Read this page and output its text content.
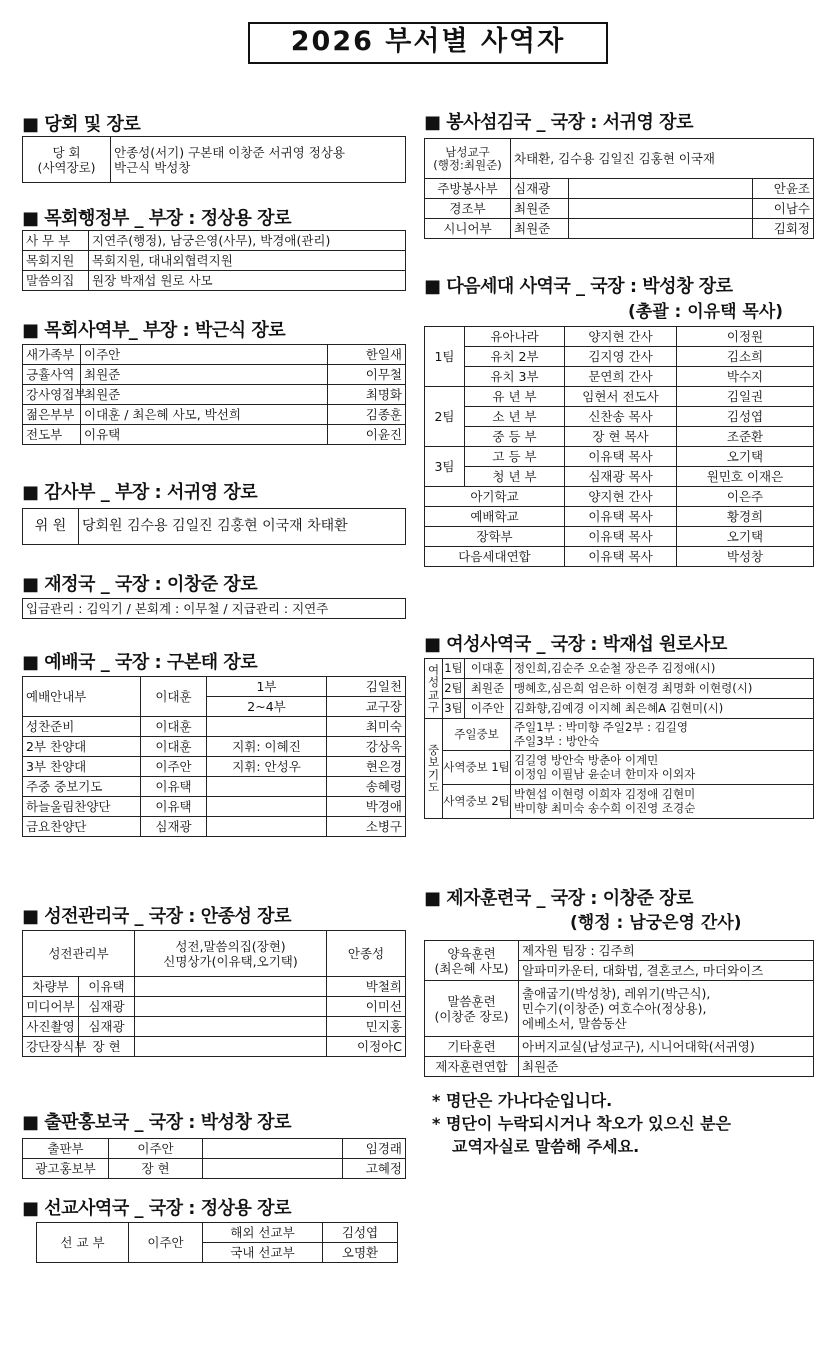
2026 부서별 사역자
■ 당회 및 장로
당 회
(사역장로)	안종성(서기) 구본태 이창준 서귀영 정상용
박근식 박성창
■ 목회행정부 _ 부장 : 정상용 장로
사 무 부	지연주(행정), 남궁은영(사무), 박경애(관리)
목회지원	목회지원, 대내외협력지원
말씀의집	원장 박재섭 원로 사모
■ 목회사역부_ 부장 : 박근식 장로
새가족부	이주안	한일새
긍휼사역	최원준	이무철
강사영접부	최원준	최명화
젊은부부	이대훈 / 최은혜 사모, 박선희	김종훈
전도부	이유택	이윤진
■ 감사부 _ 부장 : 서귀영 장로
위 원	당회원 김수용 김일진 김홍현 이국재 차태환
■ 재정국 _ 국장 : 이창준 장로
입금관리 : 김익기 / 본회계 : 이무철 / 지급관리 : 지연주
■ 예배국 _ 국장 : 구본태 장로
예배안내부	이대훈	1부	김일천
		2~4부	교구장
성찬준비	이대훈		최미숙
2부 찬양대	이대훈	지휘: 이혜진	강상욱
3부 찬양대	이주안	지휘: 안성우	현은경
주중 중보기도	이유택		송혜령
하늘울림찬양단	이유택		박경애
금요찬양단	심재광		소병구
■ 성전관리국 _ 국장 : 안종성 장로
성전관리부		성전,말씀의집(장현)
신명상가(이유택,오기택)	안종성
차량부	이유택		박철희
미디어부	심재광		이미선
사진촬영	심재광		민지홍
강단장식부	장 현		이정아C
■ 출판홍보국 _ 국장 : 박성창 장로
출판부	이주안		임경래
광고홍보부	장 현		고혜정
■ 선교사역국 _ 국장 : 정상용 장로
선 교 부	이주안	해외 선교부	김성엽
		국내 선교부	오명환
■ 봉사섬김국 _ 국장 : 서귀영 장로
남성교구
(행정:최원준)	차태환, 김수용 김일진 김홍현 이국재		
주방봉사부	심재광		안윤조
경조부	최원준		이남수
시니어부	최원준		김회정
■ 다음세대 사역국 _ 국장 : 박성창 장로
(총괄 : 이유택 목사)
1팀	유아나라	양지현 간사	이정원
	유치 2부	김지영 간사	김소희
	유치 3부	문연희 간사	박수지
2팀	유 년 부	임현서 전도사	김일권
	소 년 부	신찬송 목사	김성엽
	중 등 부	장 현 목사	조준환
3팀	고 등 부	이유택 목사	오기택
	청 년 부	심재광 목사	원민호 이재은
아기학교		양지현 간사	이은주
예배학교		이유택 목사	황경희
장학부		이유택 목사	오기택
다음세대연합		이유택 목사	박성창
■ 여성사역국 _ 국장 : 박재섭 원로사모
여
성
교
구	1팀	이대훈	정인희,김순주 오순철 장은주 김정애(시)
	2팀	최원준	맹혜호,심은희 엄은하 이현경 최명화 이현령(시)
	3팀	이주안	김화향,김예경 이지혜 최은혜A 김현미(시)
중
보
기
도	주일중보		주일1부 : 박미향 주일2부 : 김길영
주일3부 : 방안숙
	사역중보 1팀		김길영 방안숙 방춘아 이계민
이정임 이필남 윤순녀 한미자 이외자
	사역중보 2팀		박현섭 이현령 이희자 김정애 김현미
박미향 최미숙 송수희 이진영 조경순
■ 제자훈련국 _ 국장 : 이창준 장로
(행정 : 남궁은영 간사)
양육훈련
(최은혜 사모)	제자원 팀장 : 김주희
	알파미카운터, 대화법, 결혼코스, 마더와이즈
말씀훈련
(이창준 장로)	출애굽기(박성창), 레위기(박근식),
민수기(이창준) 여호수아(정상용),
에베소서, 말씀동산
기타훈련	아버지교실(남성교구), 시니어대학(서귀영)
제자훈련연합	최원준
* 명단은 가나다순입니다.
* 명단이 누락되시거나 착오가 있으신 분은
교역자실로 말씀해 주세요.
